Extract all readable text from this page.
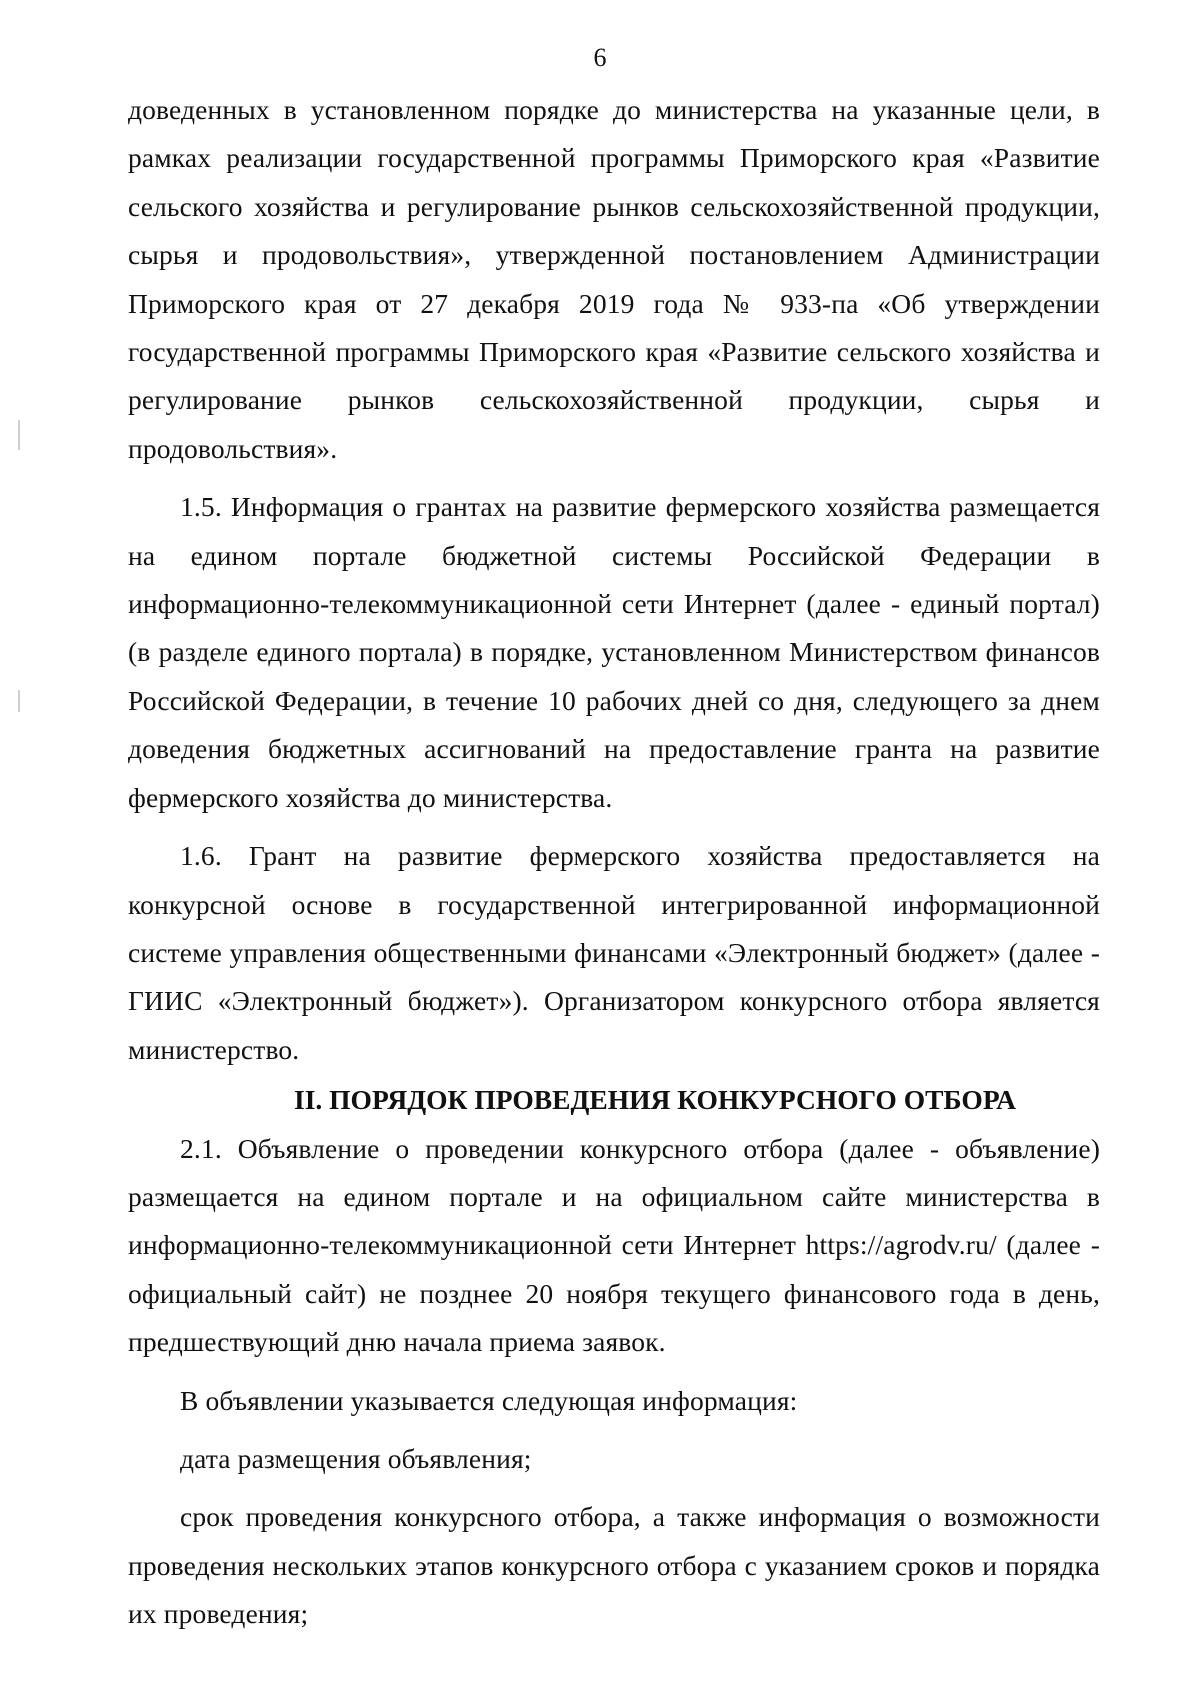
6

доведенных в установленном порядке до министерства на указанные цели, в рамках реализации государственной программы Приморского края «Развитие сельского хозяйства и регулирование рынков сельскохозяйственной продукции, сырья и продовольствия», утвержденной постановлением Администрации Приморского края от 27 декабря 2019 года № 933-па «Об утверждении государственной программы Приморского края «Развитие сельского хозяйства и регулирование рынков сельскохозяйственной продукции, сырья и продовольствия».

1.5. Информация о грантах на развитие фермерского хозяйства размещается на едином портале бюджетной системы Российской Федерации в информационно-телекоммуникационной сети Интернет (далее - единый портал) (в разделе единого портала) в порядке, установленном Министерством финансов Российской Федерации, в течение 10 рабочих дней со дня, следующего за днем доведения бюджетных ассигнований на предоставление гранта на развитие фермерского хозяйства до министерства.

1.6. Грант на развитие фермерского хозяйства предоставляется на конкурсной основе в государственной интегрированной информационной системе управления общественными финансами «Электронный бюджет» (далее - ГИИС «Электронный бюджет»). Организатором конкурсного отбора является министерство.

II. ПОРЯДОК ПРОВЕДЕНИЯ КОНКУРСНОГО ОТБОРА

2.1. Объявление о проведении конкурсного отбора (далее - объявление) размещается на едином портале и на официальном сайте министерства в информационно-телекоммуникационной сети Интернет https://agrodv.ru/ (далее - официальный сайт) не позднее 20 ноября текущего финансового года в день, предшествующий дню начала приема заявок.

В объявлении указывается следующая информация:

дата размещения объявления;

срок проведения конкурсного отбора, а также информация о возможности проведения нескольких этапов конкурсного отбора с указанием сроков и порядка их проведения;
